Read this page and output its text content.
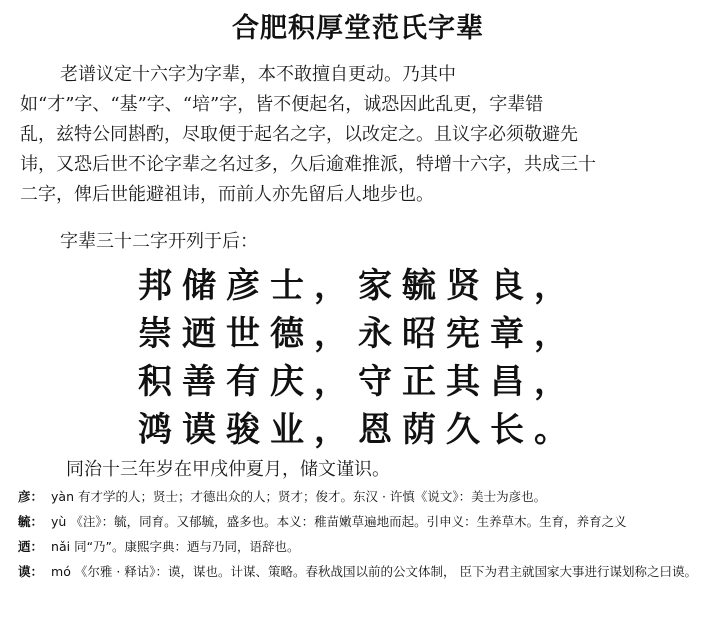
合肥积厚堂范氏字辈

老谱议定十六字为字辈，本不敢擅自更动。乃其中

如“才”字、“基”字、“培”字，皆不便起名，诚恐因此乱更，字辈错

乱，兹特公同斟酌，尽取便于起名之字，以改定之。且议字必须敬避先

讳，又恐后世不论字辈之名过多，久后逾难推派，特增十六字，共成三十

二字，俾后世能避祖讳，而前人亦先留后人地步也。

字辈三十二字开列于后：
邦储彦士，家毓贤良，
崇迺世德，永昭宪章，
积善有庆，守正其昌，
鸿谟骏业，恩荫久长。
同治十三年岁在甲戌仲夏月，储文谨识。
彦： yàn 有才学的人；贤士；才德出众的人；贤才；俊才。东汉 · 许慎《说文》：美士为彦也。
毓： yù 《注》：毓，同育。又郁毓，盛多也。本义：稚苗嫩草遍地而起。引申义：生养草木。生育，养育之义
迺： nǎi 同“乃”。康熙字典：迺与乃同，语辞也。
谟： mó 《尔雅 · 释诂》：谟，谋也。计谋、策略。春秋战国以前的公文体制， 臣下为君主就国家大事进行谋划称之曰谟。
